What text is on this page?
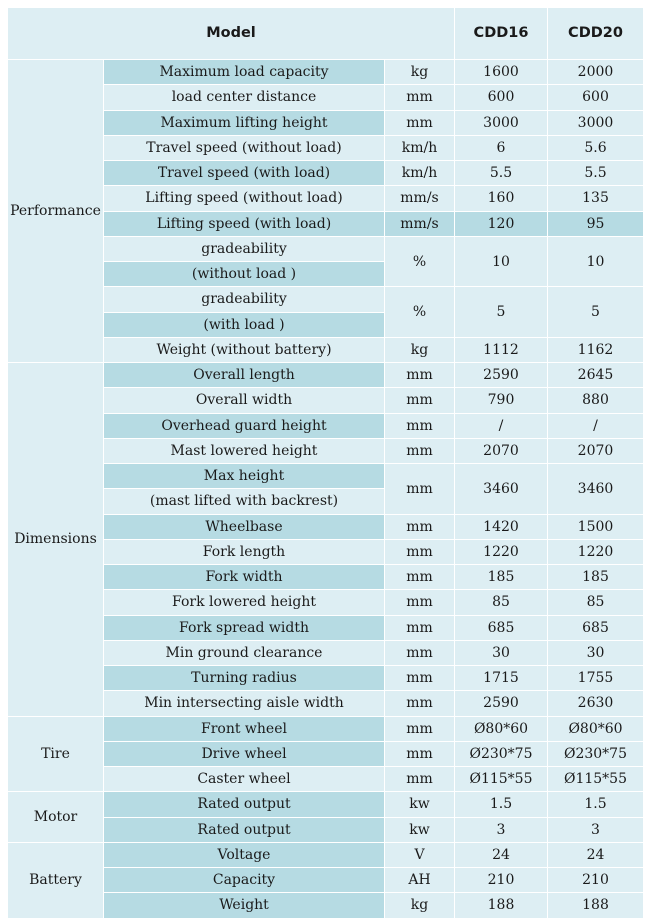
Model			CDD16	CDD20
Performance	Maximum load capacity	kg	1600	2000
	load center distance	mm	600	600
	Maximum lifting height	mm	3000	3000
	Travel speed (without load)	km/h	6	5.6
	Travel speed (with load)	km/h	5.5	5.5
	Lifting speed (without load)	mm/s	160	135
	Lifting speed (with load)	mm/s	120	95
	gradeability	%	10	10
	(without load )			
	gradeability	%	5	5
	(with load )			
	Weight (without battery)	kg	1112	1162
Dimensions	Overall length	mm	2590	2645
	Overall width	mm	790	880
	Overhead guard height	mm	/	/
	Mast lowered height	mm	2070	2070
	Max height	mm	3460	3460
	(mast lifted with backrest)			
	Wheelbase	mm	1420	1500
	Fork length	mm	1220	1220
	Fork width	mm	185	185
	Fork lowered height	mm	85	85
	Fork spread width	mm	685	685
	Min ground clearance	mm	30	30
	Turning radius	mm	1715	1755
	Min intersecting aisle width	mm	2590	2630
Tire	Front wheel	mm	Ø80*60	Ø80*60
	Drive wheel	mm	Ø230*75	Ø230*75
	Caster wheel	mm	Ø115*55	Ø115*55
Motor	Rated output	kw	1.5	1.5
	Rated output	kw	3	3
Battery	Voltage	V	24	24
	Capacity	AH	210	210
	Weight	kg	188	188
